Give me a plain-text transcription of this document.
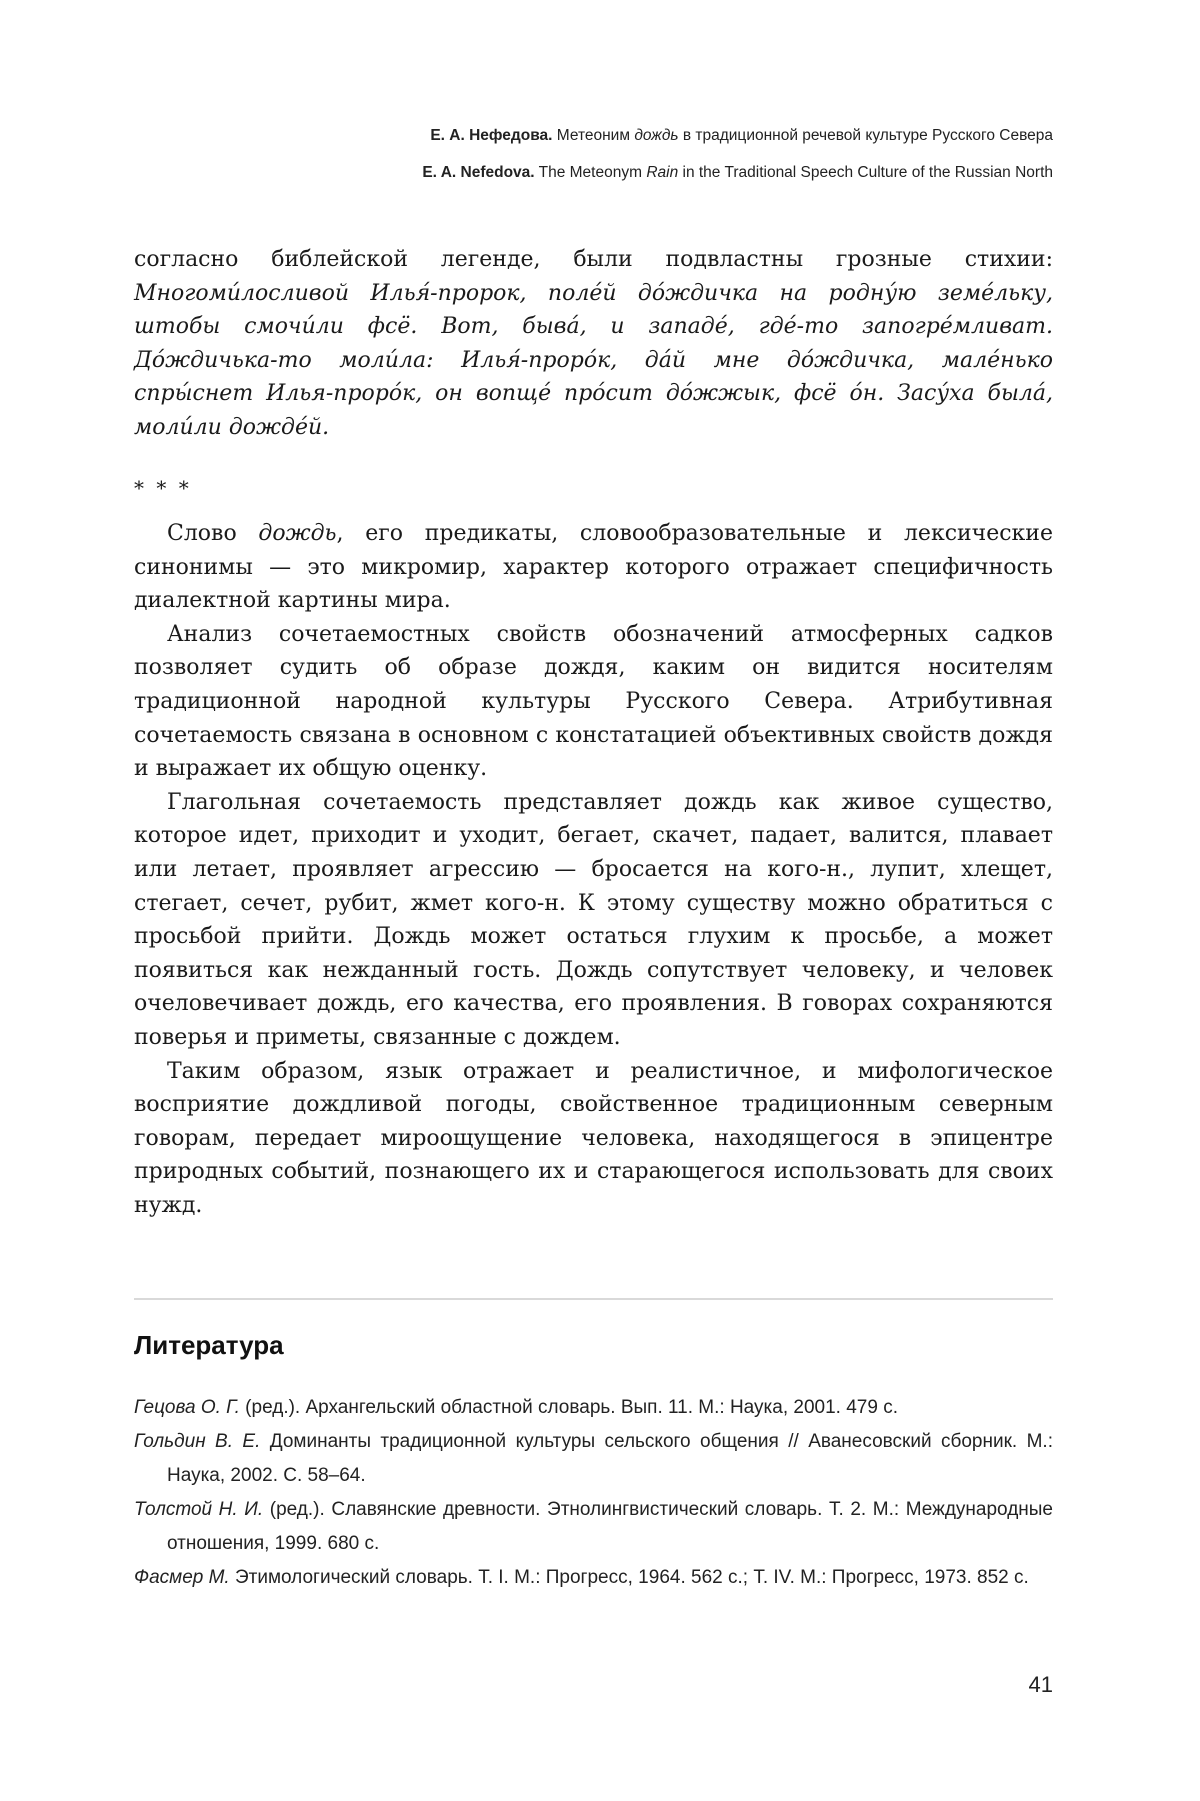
Е. А. Нефедова. Метеоним дождь в традиционной речевой культуре Русского Севера
E. A. Nefedova. The Meteonym Rain in the Traditional Speech Culture of the Russian North

согласно библейской легенде, были подвластны грозные стихии: Многоми́лосливой Илья́-пророк, поле́й до́ждичка на родну́ю земе́льку, штобы смочи́ли фсё. Вот, быва́, и западе́, где́-то запогре́мливат. До́ждичька-то моли́ла: Илья́-проро́к, да́й мне до́ждичка, мале́нько спры́снет Илья-проро́к, он вопще́ про́сит до́жжык, фсё о́н. Засу́ха была́, моли́ли дожде́й.

* * *

Слово дождь, его предикаты, словообразовательные и лексические синонимы — это микромир, характер которого отражает специфичность диалектной картины мира.

Анализ сочетаемостных свойств обозначений атмосферных садков позволяет судить об образе дождя, каким он видится носителям традиционной народной культуры Русского Севера. Атрибутивная сочетаемость связана в основном с констатацией объективных свойств дождя и выражает их общую оценку.

Глагольная сочетаемость представляет дождь как живое существо, которое идет, приходит и уходит, бегает, скачет, падает, валится, плавает или летает, проявляет агрессию — бросается на кого-н., лупит, хлещет, стегает, сечет, рубит, жмет кого-н. К этому существу можно обратиться с просьбой прийти. Дождь может остаться глухим к просьбе, а может появиться как нежданный гость. Дождь сопутствует человеку, и человек очеловечивает дождь, его качества, его проявления. В говорах сохраняются поверья и приметы, связанные с дождем.

Таким образом, язык отражает и реалистичное, и мифологическое восприятие дождливой погоды, свойственное традиционным северным говорам, передает мироощущение человека, находящегося в эпицентре природных событий, познающего их и старающегося использовать для своих нужд.

Литература

Гецова О. Г. (ред.). Архангельский областной словарь. Вып. 11. М.: Наука, 2001. 479 с.

Гольдин В. Е. Доминанты традиционной культуры сельского общения // Аванесовский сборник. М.: Наука, 2002. С. 58–64.

Толстой Н. И. (ред.). Славянские древности. Этнолингвистический словарь. Т. 2. М.: Международные отношения, 1999. 680 с.

Фасмер М. Этимологический словарь. Т. I. М.: Прогресс, 1964. 562 с.; Т. IV. М.: Прогресс, 1973. 852 с.

41
